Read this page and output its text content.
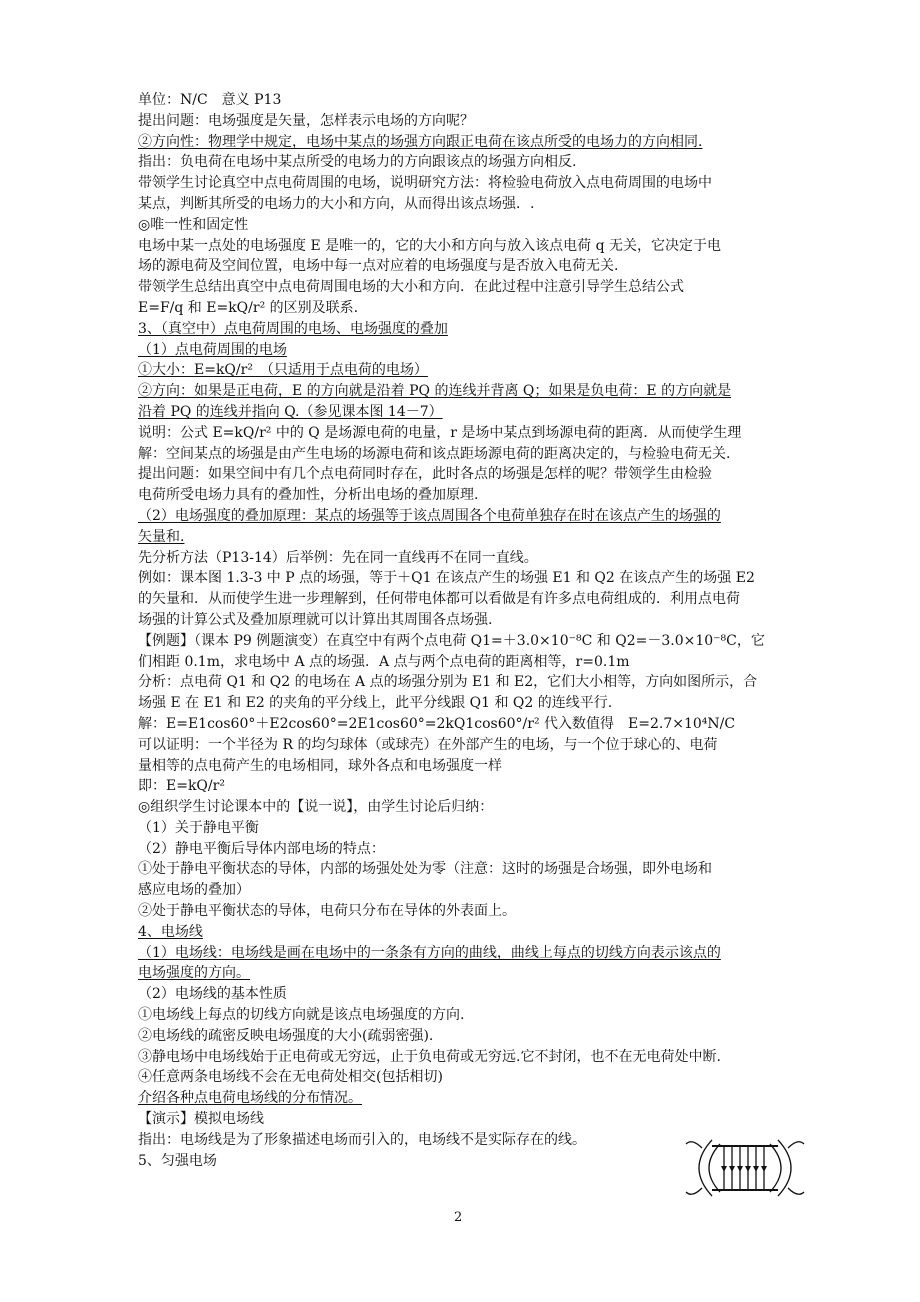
单位：N/C　意义 P13
提出问题：电场强度是矢量，怎样表示电场的方向呢？
②方向性：物理学中规定，电场中某点的场强方向跟正电荷在该点所受的电场力的方向相同.
指出：负电荷在电场中某点所受的电场力的方向跟该点的场强方向相反.
带领学生讨论真空中点电荷周围的电场，说明研究方法：将检验电荷放入点电荷周围的电场中
某点，判断其所受的电场力的大小和方向，从而得出该点场强．.
◎唯一性和固定性
电场中某一点处的电场强度 E 是唯一的，它的大小和方向与放入该点电荷 q 无关，它决定于电
场的源电荷及空间位置，电场中每一点对应着的电场强度与是否放入电荷无关.
带领学生总结出真空中点电荷周围电场的大小和方向．在此过程中注意引导学生总结公式
E=F/q 和 E=kQ/r² 的区别及联系.
3、（真空中）点电荷周围的电场、电场强度的叠加
（1）点电荷周围的电场
①大小：E=kQ/r²　（只适用于点电荷的电场）
②方向：如果是正电荷，E 的方向就是沿着 PQ 的连线并背离 Q；如果是负电荷：E 的方向就是
沿着 PQ 的连线并指向 Q.（参见课本图 14－7）
说明：公式 E=kQ/r² 中的 Q 是场源电荷的电量，r 是场中某点到场源电荷的距离．从而使学生理
解：空间某点的场强是由产生电场的场源电荷和该点距场源电荷的距离决定的，与检验电荷无关.
提出问题：如果空间中有几个点电荷同时存在，此时各点的场强是怎样的呢？带领学生由检验
电荷所受电场力具有的叠加性，分析出电场的叠加原理.
（2）电场强度的叠加原理：某点的场强等于该点周围各个电荷单独存在时在该点产生的场强的
矢量和.
先分析方法（P13-14）后举例：先在同一直线再不在同一直线。
例如：课本图 1.3-3 中 P 点的场强，等于＋Q1 在该点产生的场强 E1 和 Q2 在该点产生的场强 E2
的矢量和．从而使学生进一步理解到，任何带电体都可以看做是有许多点电荷组成的．利用点电荷
场强的计算公式及叠加原理就可以计算出其周围各点场强.
【例题】（课本 P9 例题演变）在真空中有两个点电荷 Q1=＋3.0×10⁻⁸C 和 Q2=－3.0×10⁻⁸C，它
们相距 0.1m，求电场中 A 点的场强．A 点与两个点电荷的距离相等，r=0.1m
分析：点电荷 Q1 和 Q2 的电场在 A 点的场强分别为 E1 和 E2，它们大小相等，方向如图所示，合
场强 E 在 E1 和 E2 的夹角的平分线上，此平分线跟 Q1 和 Q2 的连线平行.
解：E=E1cos60°＋E2cos60°=2E1cos60°=2kQ1cos60°/r² 代入数值得　E=2.7×10⁴N/C
可以证明：一个半径为 R 的均匀球体（或球壳）在外部产生的电场，与一个位于球心的、电荷
量相等的点电荷产生的电场相同，球外各点和电场强度一样
即：E=kQ/r²
◎组织学生讨论课本中的【说一说】，由学生讨论后归纳：
（1）关于静电平衡
（2）静电平衡后导体内部电场的特点：
①处于静电平衡状态的导体，内部的场强处处为零（注意：这时的场强是合场强，即外电场和
感应电场的叠加）
②处于静电平衡状态的导体，电荷只分布在导体的外表面上。
4、电场线
（1）电场线：电场线是画在电场中的一条条有方向的曲线，曲线上每点的切线方向表示该点的
电场强度的方向。
（2）电场线的基本性质
①电场线上每点的切线方向就是该点电场强度的方向.
②电场线的疏密反映电场强度的大小(疏弱密强).
③静电场中电场线始于正电荷或无穷远，止于负电荷或无穷远.它不封闭，也不在无电荷处中断.
④任意两条电场线不会在无电荷处相交(包括相切)
介绍各种点电荷电场线的分布情况。
【演示】模拟电场线
指出：电场线是为了形象描述电场而引入的，电场线不是实际存在的线。
5、匀强电场
2
